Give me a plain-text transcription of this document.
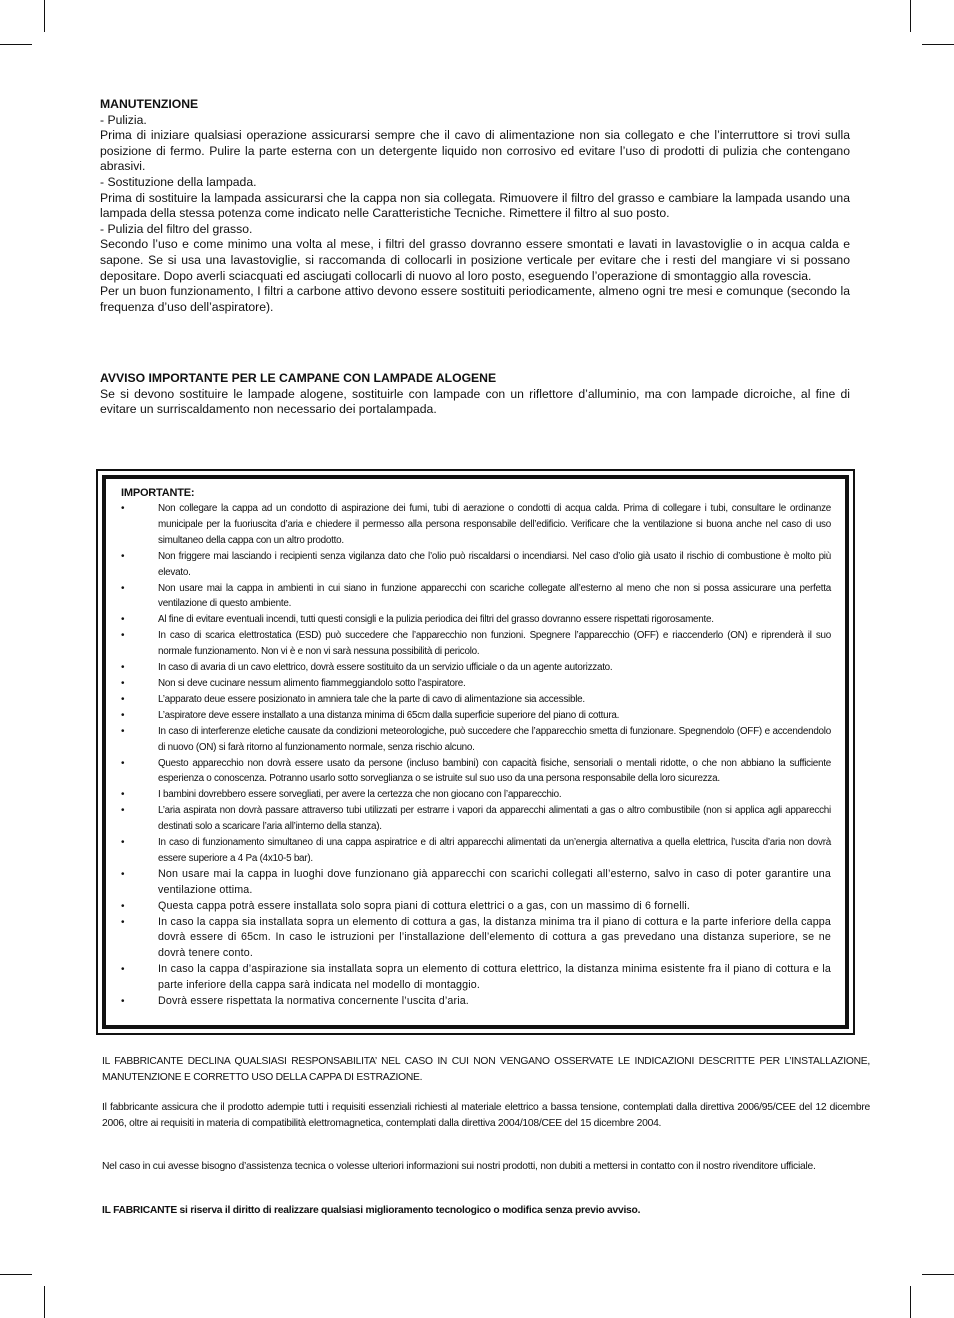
MANUTENZIONE

- Pulizia.

Prima di iniziare qualsiasi operazione assicurarsi sempre che il cavo di alimentazione non sia collegato e che l’interruttore si trovi sulla posizione di fermo. Pulire la parte esterna con un detergente liquido non corrosivo ed evitare l’uso di prodotti di pulizia che contengano abrasivi.

- Sostituzione della lampada.

Prima di sostituire la lampada assicurarsi che la cappa non sia collegata. Rimuovere il filtro del grasso e cambiare la lampada usando una lampada della stessa potenza come indicato nelle Caratteristiche Tecniche. Rimettere il filtro al suo posto.

- Pulizia del filtro del grasso.

Secondo l’uso e come minimo una volta al mese, i filtri del grasso dovranno essere smontati e lavati in lavastoviglie o in acqua calda e sapone. Se si usa una lavastoviglie, si raccomanda di collocarli in posizione verticale per evitare che i resti del mangiare vi si possano depositare. Dopo averli sciacquati ed asciugati collocarli di nuovo al loro posto, eseguendo l’operazione di smontaggio alla rovescia.

Per un buon funzionamento, I filtri a carbone attivo devono essere sostituiti periodicamente, almeno ogni tre mesi e comunque (secondo la frequenza d’uso dell’aspiratore).

AVVISO IMPORTANTE PER LE CAMPANE CON LAMPADE ALOGENE

Se si devono sostituire le lampade alogene, sostituirle con lampade con un riflettore d’alluminio, ma con lampade dicroiche, al fine di evitare un surriscaldamento non necessario dei portalampada.

IMPORTANTE:

•	Non collegare la cappa ad un condotto di aspirazione dei fumi, tubi di aerazione o condotti di acqua calda. Prima di collegare i tubi, consultare le ordinanze municipale per la fuoriuscita d’aria e chiedere il permesso alla persona responsabile dell’edificio. Verificare che la ventilazione si buona anche nel caso di uso simultaneo della cappa con un altro prodotto.
•	Non friggere mai lasciando i recipienti senza vigilanza dato che l’olio può riscaldarsi o incendiarsi. Nel caso d’olio già usato il rischio di combustione è molto più elevato.
•	Non usare mai la cappa in ambienti in cui siano in funzione apparecchi con scariche collegate all’esterno al meno che non si possa assicurare una perfetta ventilazione di questo ambiente.
•	Al fine di evitare eventuali incendi, tutti questi consigli e la pulizia periodica dei filtri del grasso dovranno essere rispettati rigorosamente.
•	In caso di scarica elettrostatica (ESD) può succedere che l’apparecchio non funzioni. Spegnere l’apparecchio (OFF) e riaccenderlo (ON) e riprenderà il suo normale funzionamento. Non vi è e non vi sarà nessuna possibilità di pericolo.
•	In caso di avaria di un cavo elettrico, dovrà essere sostituito da un servizio ufficiale o da un agente autorizzato.
•	Non si deve cucinare nessum alimento fiammeggiandolo sotto l’aspiratore.
•	L’apparato deue essere posizionato in amniera tale che la parte di cavo di alimentazione sia accessible.
•	L’aspiratore deve essere installato a una distanza minima di 65cm dalla superficie superiore del piano di cottura.
•	In caso di interferenze eletiche causate da condizioni meteorologiche, può succedere che l’apparecchio smetta di funzionare. Spegnendolo (OFF) e accendendolo di nuovo (ON) si farà ritorno al funzionamento normale, senza rischio alcuno.
•	Questo apparecchio non dovrà essere usato da persone (incluso bambini) con capacità fisiche, sensoriali o mentali ridotte, o che non abbiano la sufficiente esperienza o conoscenza. Potranno usarlo sotto sorveglianza o se istruite sul suo uso da una persona responsabile della loro sicurezza.
•	I bambini dovrebbero essere sorvegliati, per avere la certezza che non giocano con l’apparecchio.
•	L’aria aspirata non dovrà passare attraverso tubi utilizzati per estrarre i vapori da apparecchi alimentati a gas o altro combustibile (non si applica agli apparecchi destinati solo a scaricare l’aria all’interno della stanza).
•	In caso di funzionamento simultaneo di una cappa aspiratrice e di altri apparecchi alimentati da un’energia alternativa a quella elettrica, l’uscita d’aria non dovrà essere superiore a 4 Pa (4x10-5 bar).
•	Non usare mai la cappa in luoghi dove funzionano già apparecchi con scarichi collegati all’esterno, salvo in caso di poter garantire una ventilazione ottima.
•	Questa cappa potrà essere installata solo sopra piani di cottura elettrici o a gas, con un massimo di 6 fornelli.
•	In caso la cappa sia installata sopra un elemento di cottura a gas, la distanza minima tra il piano di cottura e la parte inferiore della cappa dovrà essere di 65cm. In caso le istruzioni per l’installazione dell’elemento di cottura a gas prevedano una distanza superiore, se ne dovrà tenere conto.
•	In caso la cappa d’aspirazione sia installata sopra un elemento di cottura elettrico, la distanza minima esistente fra il piano di cottura e la parte inferiore della cappa sarà indicata nel modello di montaggio.
•	Dovrà essere rispettata la normativa concernente l’uscita d’aria.

IL FABBRICANTE DECLINA QUALSIASI RESPONSABILITA’ NEL CASO IN CUI NON VENGANO OSSERVATE LE INDICAZIONI DESCRITTE PER L’INSTALLAZIONE, MANUTENZIONE E CORRETTO USO DELLA CAPPA DI ESTRAZIONE.

Il fabbricante assicura che il prodotto adempie tutti i requisiti essenziali richiesti al materiale elettrico a bassa tensione, contemplati dalla direttiva 2006/95/CEE del 12 dicembre 2006, oltre ai requisiti in materia di compatibilità elettromagnetica, contemplati dalla direttiva 2004/108/CEE del 15 dicembre 2004.

Nel caso in cui avesse bisogno d’assistenza tecnica o volesse ulteriori informazioni sui nostri prodotti, non dubiti a mettersi in contatto con il nostro rivenditore ufficiale.

IL FABRICANTE si riserva il diritto di realizzare qualsiasi miglioramento tecnologico o modifica senza previo avviso.
